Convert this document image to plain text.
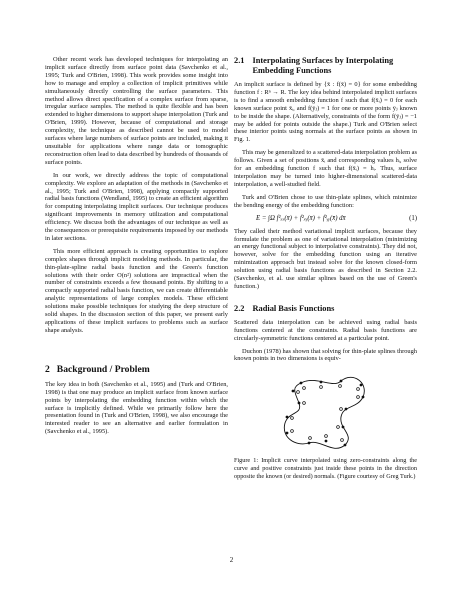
Other recent work has developed techniques for interpolating an implicit surface directly from surface point data (Savchenko et al., 1995; Turk and O'Brien, 1998). This work provides some insight into how to manage and employ a collection of implicit primitives while simultaneously directly controlling the surface parameters. This method allows direct specification of a complex surface from sparse, irregular surface samples. The method is quite flexible and has been extended to higher dimensions to support shape interpolation (Turk and O'Brien, 1999). However, because of computational and storage complexity, the technique as described cannot be used to model surfaces where large numbers of surface points are included, making it unsuitable for applications where range data or tomographic reconstruction often lead to data described by hundreds of thousands of surface points.

In our work, we directly address the topic of computational complexity. We explore an adaptation of the methods in (Savchenko et al., 1995; Turk and O'Brien, 1998), applying compactly supported radial basis functions (Wendland, 1995) to create an efficient algorithm for computing interpolating implicit surfaces. Our technique produces significant improvements in memory utilization and computational efficiency. We discuss both the advantages of our technique as well as the consequences or prerequisite requirements imposed by our methods in later sections.

This more efficient approach is creating opportunities to explore complex shapes through implicit modeling methods. In particular, the thin-plate-spline radial basis function and the Green's function solutions with their order O(n²) solutions are impractical when the number of constraints exceeds a few thousand points. By shifting to a compactly supported radial basis function, we can create differentiable analytic representations of large complex models. These efficient solutions make possible techniques for studying the deep structure of solid shapes. In the discussion section of this paper, we present early applications of these implicit surfaces to problems such as surface shape analysis.

2 Background / Problem

The key idea in both (Savchenko et al., 1995) and (Turk and O'Brien, 1998) is that one may produce an implicit surface from known surface points by interpolating the embedding function within which the surface is implicitly defined. While we primarily follow here the presentation found in (Turk and O'Brien, 1998), we also encourage the interested reader to see an alternative and earlier formulation in (Savchenko et al., 1995).

2.1 Interpolating Surfaces by Interpolating
Embedding Functions

An implicit surface is defined by {x̄ : f(x̄) = 0} for some embedding function f : Rⁿ → R. The key idea behind interpolated implicit surfaces is to find a smooth embedding function f such that f(x̄ᵢ) = 0 for each known surface point x̄ᵢ, and f(ȳⱼ) = 1 for one or more points ȳⱼ known to be inside the shape. (Alternatively, constraints of the form f(ȳⱼ) = −1 may be added for points outside the shape.) Turk and O'Brien select these interior points using normals at the surface points as shown in Fig. 1.

This may be generalized to a scattered-data interpolation problem as follows. Given a set of positions x̄ᵢ and corresponding values hᵢ, solve for an embedding function f such that f(x̄ᵢ) = hᵢ. Thus, surface interpolation may be turned into higher-dimensional scattered-data interpolation, a well-studied field.

Turk and O'Brien chose to use thin-plate splines, which minimize the bending energy of the embedding function:

E = ∫Ω f²ₓₓ(x̄) + f²ₓᵧ(x̄) + f²ᵧᵧ(x̄) dx̄	(1)

They called their method variational implicit surfaces, because they formulate the problem as one of variational interpolation (minimizing an energy functional subject to interpolative constraints). They did not, however, solve for the embedding function using an iterative minimization approach but instead solve for the known closed-form solution using radial basis functions as described in Section 2.2. (Savchenko, et al. use similar splines based on the use of Green's function.)

2.2 Radial Basis Functions

Scattered data interpolation can be achieved using radial basis functions centered at the constraints. Radial basis functions are circularly-symmetric functions centered at a particular point.

Duchon (1978) has shown that solving for thin-plate splines through known points in two dimensions is equiv-

Figure 1: Implicit curve interpolated using zero-constraints along the curve and positive constraints just inside these points in the direction opposite the known (or desired) normals. (Figure courtesy of Greg Turk.)

2
